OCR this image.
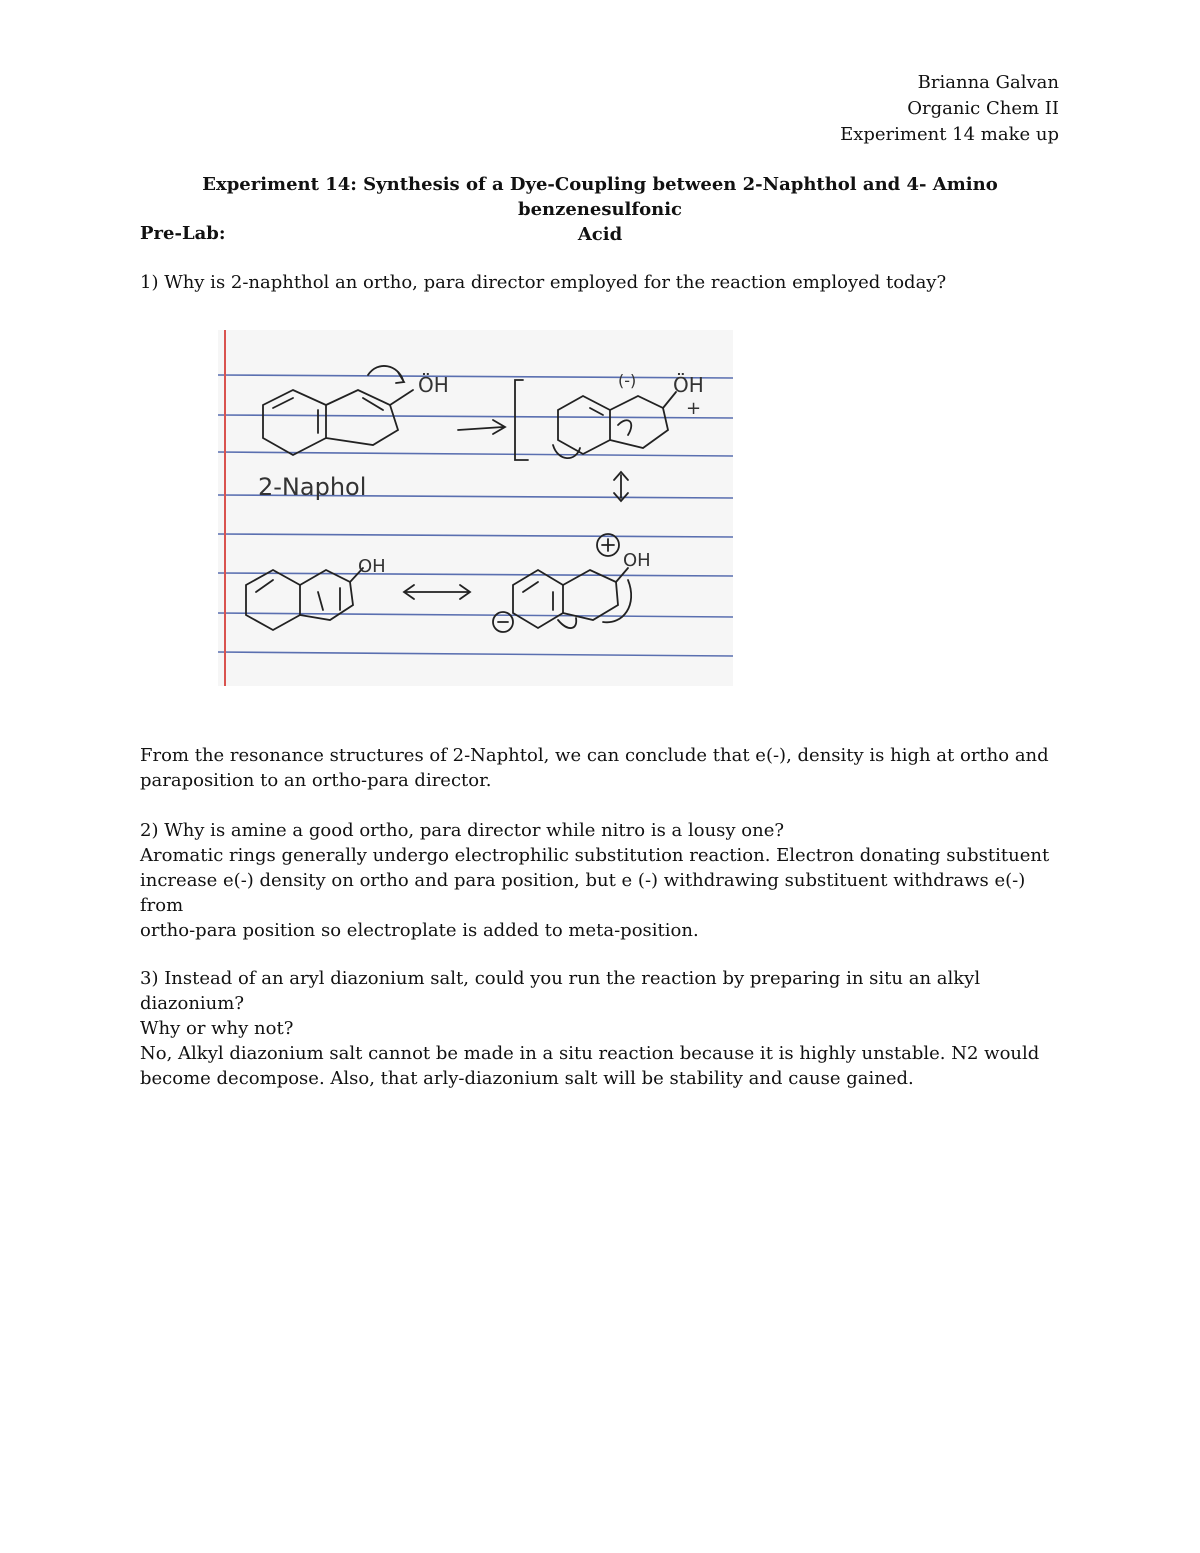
Brianna Galvan
Organic Chem II
Experiment 14 make up
Experiment 14: Synthesis of a Dye-Coupling between 2-Naphthol and 4- Amino benzenesulfonic
Acid
Pre-Lab:
1) Why is 2-naphthol an ortho, para director employed for the reaction employed today?
ÖH
2-Naphol
(-) ÖH
+
OH	OH

From the resonance structures of 2-Naphtol, we can conclude that e(-), density is high at ortho and

paraposition to an ortho-para director.

2) Why is amine a good ortho, para director while nitro is a lousy one?

Aromatic rings generally undergo electrophilic substitution reaction. Electron donating substituent

increase e(-) density on ortho and para position, but e (-) withdrawing substituent withdraws e(-) from

ortho-para position so electroplate is added to meta-position.

3) Instead of an aryl diazonium salt, could you run the reaction by preparing in situ an alkyl diazonium?

Why or why not?

No, Alkyl diazonium salt cannot be made in a situ reaction because it is highly unstable. N2 would

become decompose. Also, that arly-diazonium salt will be stability and cause gained.
